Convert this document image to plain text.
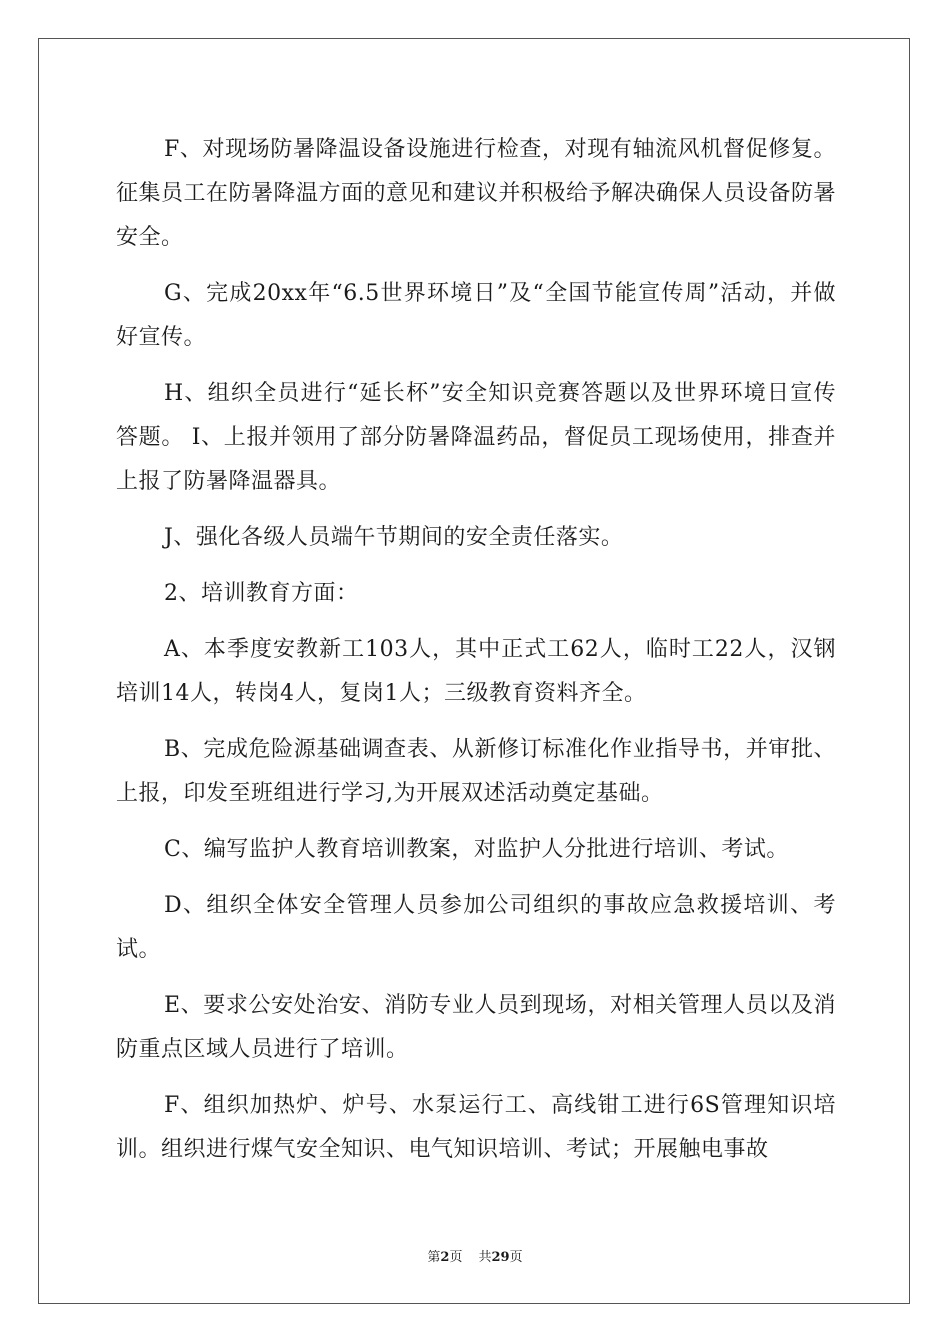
F、对现场防暑降温设备设施进行检查，对现有轴流风机督促修复。征集员工在防暑降温方面的意见和建议并积极给予解决确保人员设备防暑安全。

G、完成20xx年“6.5世界环境日”及“全国节能宣传周”活动，并做好宣传。

H、组织全员进行“延长杯”安全知识竞赛答题以及世界环境日宣传答题。 I、上报并领用了部分防暑降温药品，督促员工现场使用，排查并上报了防暑降温器具。

J、强化各级人员端午节期间的安全责任落实。

2、培训教育方面：

A、本季度安教新工103人，其中正式工62人，临时工22人，汉钢培训14人，转岗4人，复岗1人；三级教育资料齐全。

B、完成危险源基础调查表、从新修订标准化作业指导书，并审批、上报，印发至班组进行学习,为开展双述活动奠定基础。

C、编写监护人教育培训教案，对监护人分批进行培训、考试。

D、组织全体安全管理人员参加公司组织的事故应急救援培训、考试。

E、要求公安处治安、消防专业人员到现场，对相关管理人员以及消防重点区域人员进行了培训。

F、组织加热炉、炉号、水泵运行工、高线钳工进行6S管理知识培训。组织进行煤气安全知识、电气知识培训、考试；开展触电事故

第2页 共29页
